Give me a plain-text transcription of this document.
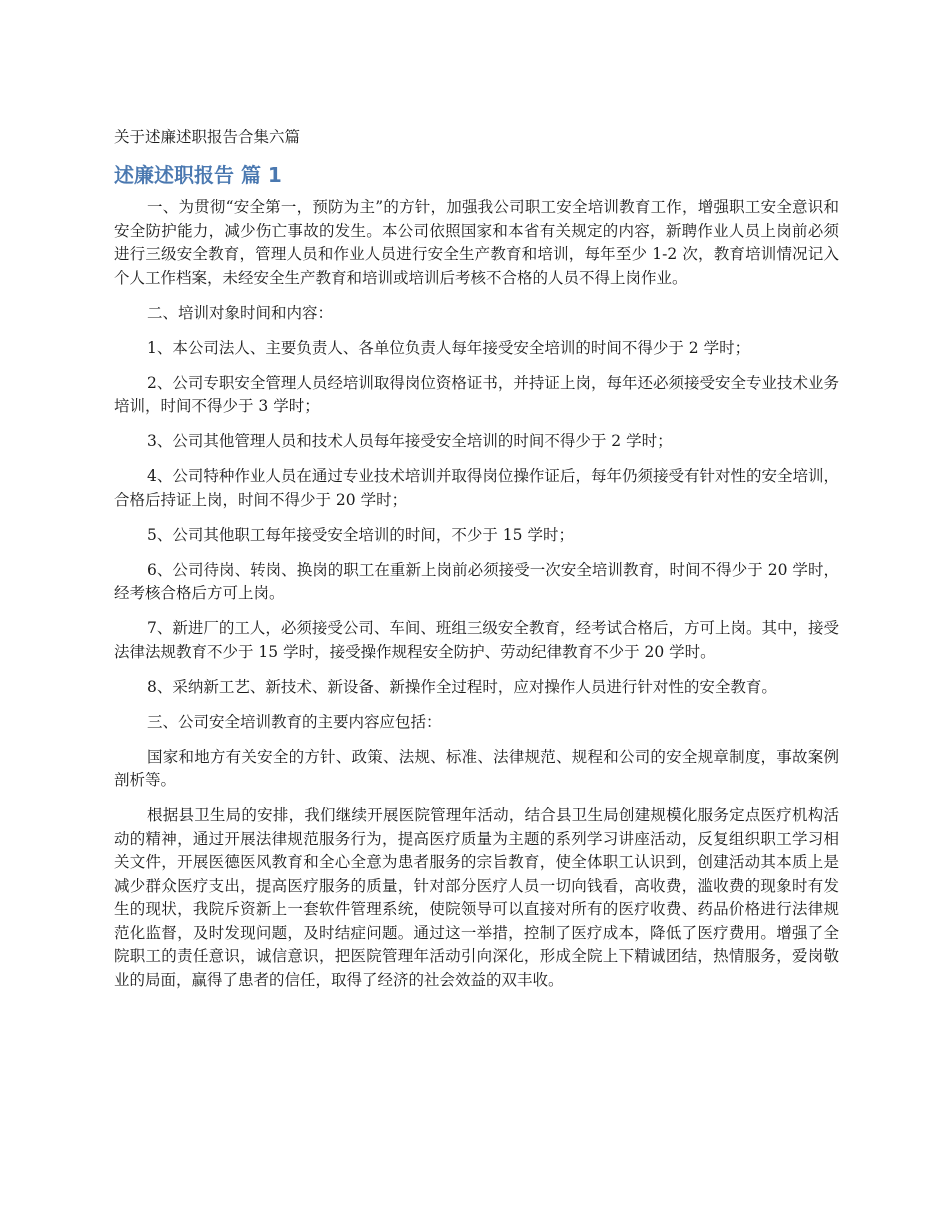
关于述廉述职报告合集六篇
述廉述职报告 篇 1

一、为贯彻“安全第一，预防为主”的方针，加强我公司职工安全培训教育工作，增强职工安全意识和安全防护能力，减少伤亡事故的发生。本公司依照国家和本省有关规定的内容，新聘作业人员上岗前必须进行三级安全教育，管理人员和作业人员进行安全生产教育和培训，每年至少 1-2 次，教育培训情况记入个人工作档案，未经安全生产教育和培训或培训后考核不合格的人员不得上岗作业。

二、培训对象时间和内容：

1、本公司法人、主要负责人、各单位负责人每年接受安全培训的时间不得少于 2 学时；

2、公司专职安全管理人员经培训取得岗位资格证书，并持证上岗，每年还必须接受安全专业技术业务培训，时间不得少于 3 学时；

3、公司其他管理人员和技术人员每年接受安全培训的时间不得少于 2 学时；

4、公司特种作业人员在通过专业技术培训并取得岗位操作证后，每年仍须接受有针对性的安全培训，合格后持证上岗，时间不得少于 20 学时；

5、公司其他职工每年接受安全培训的时间，不少于 15 学时；

6、公司待岗、转岗、换岗的职工在重新上岗前必须接受一次安全培训教育，时间不得少于 20 学时，经考核合格后方可上岗。

7、新进厂的工人，必须接受公司、车间、班组三级安全教育，经考试合格后，方可上岗。其中，接受法律法规教育不少于 15 学时，接受操作规程安全防护、劳动纪律教育不少于 20 学时。

8、采纳新工艺、新技术、新设备、新操作全过程时，应对操作人员进行针对性的安全教育。

三、公司安全培训教育的主要内容应包括：

国家和地方有关安全的方针、政策、法规、标准、法律规范、规程和公司的安全规章制度，事故案例剖析等。

根据县卫生局的安排，我们继续开展医院管理年活动，结合县卫生局创建规模化服务定点医疗机构活动的精神，通过开展法律规范服务行为，提高医疗质量为主题的系列学习讲座活动，反复组织职工学习相关文件，开展医德医风教育和全心全意为患者服务的宗旨教育，使全体职工认识到，创建活动其本质上是减少群众医疗支出，提高医疗服务的质量，针对部分医疗人员一切向钱看，高收费，滥收费的现象时有发生的现状，我院斥资新上一套软件管理系统，使院领导可以直接对所有的医疗收费、药品价格进行法律规范化监督，及时发现问题，及时结症问题。通过这一举措，控制了医疗成本，降低了医疗费用。增强了全院职工的责任意识，诚信意识，把医院管理年活动引向深化，形成全院上下精诚团结，热情服务，爱岗敬业的局面，赢得了患者的信任，取得了经济的社会效益的双丰收。
